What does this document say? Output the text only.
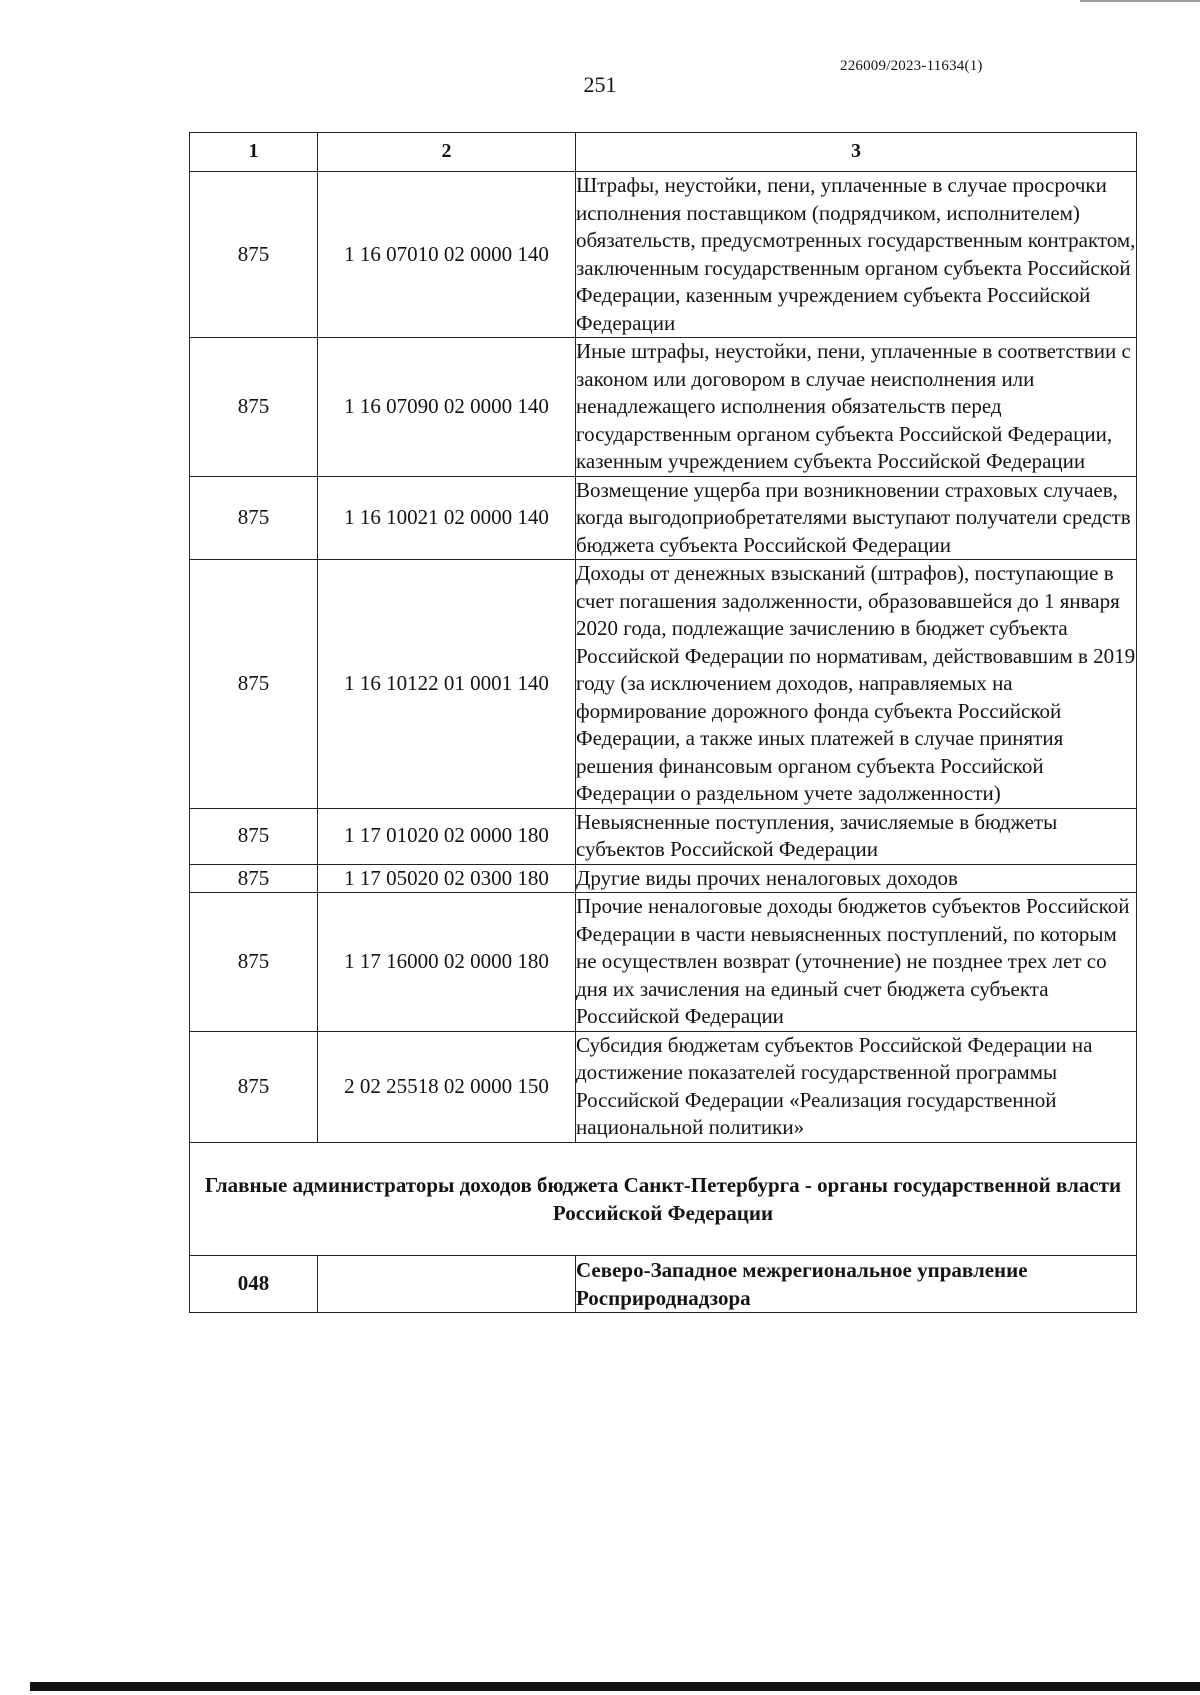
226009/2023-11634(1)
251
1	2	3
875	1 16 07010 02 0000 140	Штрафы, неустойки, пени, уплаченные в случае просрочки исполнения поставщиком (подрядчиком, исполнителем) обязательств, предусмотренных государственным контрактом, заключенным государственным органом субъекта Российской Федерации, казенным учреждением субъекта Российской Федерации
875	1 16 07090 02 0000 140	Иные штрафы, неустойки, пени, уплаченные в соответствии с законом или договором в случае неисполнения или ненадлежащего исполнения обязательств перед государственным органом субъекта Российской Федерации, казенным учреждением субъекта Российской Федерации
875	1 16 10021 02 0000 140	Возмещение ущерба при возникновении страховых случаев, когда выгодоприобретателями выступают получатели средств бюджета субъекта Российской Федерации
875	1 16 10122 01 0001 140	Доходы от денежных взысканий (штрафов), поступающие в счет погашения задолженности, образовавшейся до 1 января 2020 года, подлежащие зачислению в бюджет субъекта Российской Федерации по нормативам, действовавшим в 2019 году (за исключением доходов, направляемых на формирование дорожного фонда субъекта Российской Федерации, а также иных платежей в случае принятия решения финансовым органом субъекта Российской Федерации о раздельном учете задолженности)
875	1 17 01020 02 0000 180	Невыясненные поступления, зачисляемые в бюджеты субъектов Российской Федерации
875	1 17 05020 02 0300 180	Другие виды прочих неналоговых доходов
875	1 17 16000 02 0000 180	Прочие неналоговые доходы бюджетов субъектов Российской Федерации в части невыясненных поступлений, по которым не осуществлен возврат (уточнение) не позднее трех лет со дня их зачисления на единый счет бюджета субъекта Российской Федерации
875	2 02 25518 02 0000 150	Субсидия бюджетам субъектов Российской Федерации на достижение показателей государственной программы Российской Федерации «Реализация государственной национальной политики»
Главные администраторы доходов бюджета Санкт-Петербурга - органы государственной власти Российской Федерации		
048		Северо-Западное межрегиональное управление Росприроднадзора
